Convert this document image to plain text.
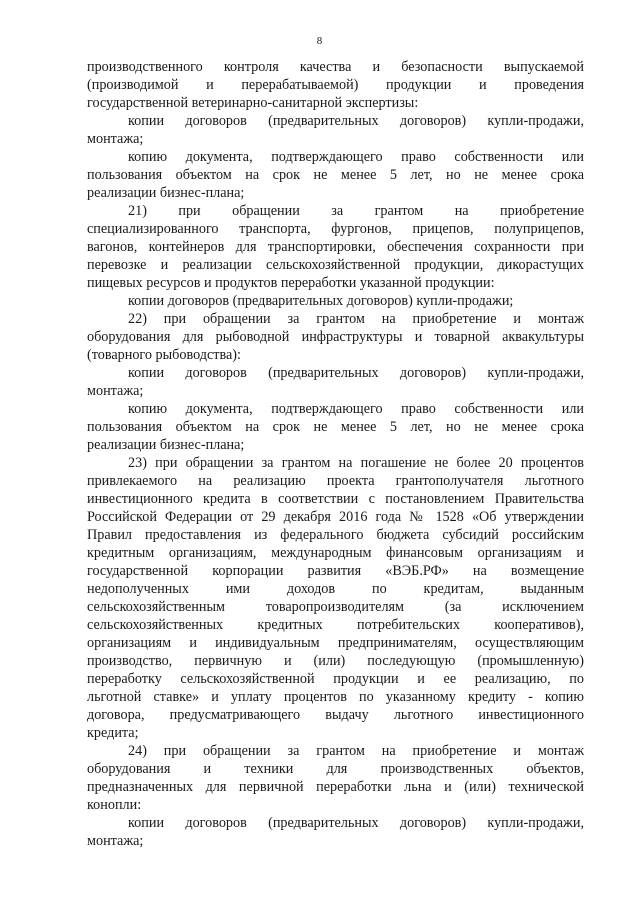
8
производственного контроля качества и безопасности выпускаемой
(производимой и перерабатываемой) продукции и проведения
государственной ветеринарно-санитарной экспертизы:
копии договоров (предварительных договоров) купли-продажи,
монтажа;
копию документа, подтверждающего право собственности или
пользования объектом на срок не менее 5 лет, но не менее срока
реализации бизнес-плана;
21) при обращении за грантом на приобретение
специализированного транспорта, фургонов, прицепов, полуприцепов,
вагонов, контейнеров для транспортировки, обеспечения сохранности при
перевозке и реализации сельскохозяйственной продукции, дикорастущих
пищевых ресурсов и продуктов переработки указанной продукции:
копии договоров (предварительных договоров) купли-продажи;
22) при обращении за грантом на приобретение и монтаж
оборудования для рыбоводной инфраструктуры и товарной аквакультуры
(товарного рыбоводства):
копии договоров (предварительных договоров) купли-продажи,
монтажа;
копию документа, подтверждающего право собственности или
пользования объектом на срок не менее 5 лет, но не менее срока
реализации бизнес-плана;
23) при обращении за грантом на погашение не более 20 процентов
привлекаемого на реализацию проекта грантополучателя льготного
инвестиционного кредита в соответствии с постановлением Правительства
Российской Федерации от 29 декабря 2016 года № 1528 «Об утверждении
Правил предоставления из федерального бюджета субсидий российским
кредитным организациям, международным финансовым организациям и
государственной корпорации развития «ВЭБ.РФ» на возмещение
недополученных ими доходов по кредитам, выданным
сельскохозяйственным товаропроизводителям (за исключением
сельскохозяйственных кредитных потребительских кооперативов),
организациям и индивидуальным предпринимателям, осуществляющим
производство, первичную и (или) последующую (промышленную)
переработку сельскохозяйственной продукции и ее реализацию, по
льготной ставке» и уплату процентов по указанному кредиту - копию
договора, предусматривающего выдачу льготного инвестиционного
кредита;
24) при обращении за грантом на приобретение и монтаж
оборудования и техники для производственных объектов,
предназначенных для первичной переработки льна и (или) технической
конопли:
копии договоров (предварительных договоров) купли-продажи,
монтажа;
